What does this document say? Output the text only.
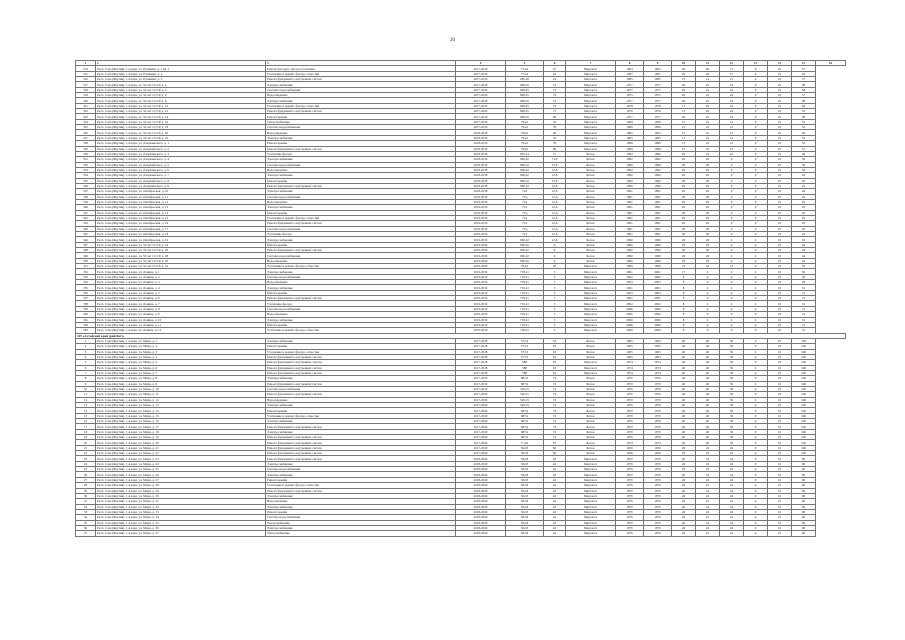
20
1	2	3	4	5	6	7	8	9	10	11	12	13	14	15	16
314	Респ. Саха (Якутия), г. Алдан, ул. Пушкина, д. 1 кв. 1	Ремонт фасадов, систем отопления	2017-2019	774,4	27	Мерзлота	1963	1963	20	40	17	9	10	57	
315	Респ. Саха (Якутия), г. Алдан, ул. Пушкина, д. 2	Утепление и ремонт фасада, отмостки	2017-2019	774,4	43	Мерзлота	1997	1997	20	20	17	0	10	45	
316	Респ. Саха (Якутия), г. Алдан, ул. Пушкина, д. 3	Ремонт фундамента, внутренних систем	2017-2019	685,02	24	Мерзлота	1985	1985	15	14	15	4	10	37	
317	Респ. Саха (Якутия), г. Алдан, ул. 50 лет СССР, д. 2	Электроснабжение	2017-2018	848,25	73	Мерзлота	1977	1977	20	22	24	0	10	58	
318	Респ. Саха (Якутия), г. Алдан, ул. 50 лет СССР, д. 4	Система водоснабжения	2017-2020	848,25	73	Мерзлота	1977	1977	20	22	24	0	10	58	
319	Респ. Саха (Якутия), г. Алдан, ул. 50 лет СССР, д. 6	Водоотведение	2017-2020	848,25	74	Мерзлота	1975	1975	20	22	24	0	10	57	
320	Респ. Саха (Якутия), г. Алдан, ул. 50 лет СССР, д. 8	Электроснабжение	2017-2018	848,25	73	Мерзлота	1977	1977	20	22	24	0	10	58	
321	Респ. Саха (Якутия), г. Алдан, ул. 50 лет СССР, д. 10	Утепление и ремонт фасада, отмостки	2017-2019	848,25	73	Мерзлота	1978	1978	17	20	24	0	10	60	
322	Респ. Саха (Якутия), г. Алдан, ул. 50 лет СССР, д. 12	Ремонт фундамента, внутренних систем	2017-2020	848,25	72	Мерзлота	1976	1976	13	20	24	0	10	53	
323	Респ. Саха (Якутия), г. Алдан, ул. 50 лет СССР, д. 14	Ремонт крыши	2017-2019	848,25	68	Мерзлота	1977	1977	20	22	24	0	10	58	
324	Респ. Саха (Якутия), г. Алдан, ул. 50 лет СССР, д. 16	Теплоснабжение	2017-2019	794,2	76	Мерзлота	1999	1999	15	16	12	0	10	52	
325	Респ. Саха (Якутия), г. Алдан, ул. 50 лет СССР, д. 18	Система водоснабжения	2017-2019	794,2	76	Мерзлота	1999	1999	15	16	12	0	10	52	
326	Респ. Саха (Якутия), г. Алдан, ул. 50 лет СССР, д. 20	Водоотведение	2018-2018	794,2	46	Мерзлота	1965	1965	15	16	12	0	10	49	
327	Респ. Саха (Якутия), г. Алдан, ул. 50 лет СССР, д. 22	Электроснабжение	2018-2019	794,2	76	Мерзлота	1965	1965	13	16	12	0	10	53	
328	Респ. Саха (Якутия), г. Алдан, ул. Дзержинского, д. 1	Ремонт крыши	2018-2019	794,2	76	Мерзлота	1999	1999	13	16	12	0	10	52	
329	Респ. Саха (Якутия), г. Алдан, ул. Дзержинского, д. 2	Ремонт фундамента, внутренних систем	2018-2019	794,2	66	Мерзлота	1999	1999	15	16	12	0	10	51	
330	Респ. Саха (Якутия), г. Алдан, ул. Дзержинского, д. 3	Утепление фасада	2018-2018	855,14	71	Бетон	1992	1992	20	22	24	0	10	48	
331	Респ. Саха (Якутия), г. Алдан, ул. Дзержинского, д. 4	Электроснабжение	2018-2019	990,22	73,8	Бетон	1992	1992	20	20	0	0	10	56	
332	Респ. Саха (Якутия), г. Алдан, ул. Дзержинского, д. 5	Система водоснабжения	2018-2019	990,22	13,8	Бетон	1990	1990	20	20	0	0	10	56	
333	Респ. Саха (Якутия), г. Алдан, ул. Дзержинского, д. 6	Водоотведение	2018-2018	990,22	13,8	Бетон	1992	1992	20	20	0	0	10	56	
334	Респ. Саха (Якутия), г. Алдан, ул. Дзержинского, д. 7	Электроснабжение	2018-2018	990,22	13,8	Бетон	1990	1990	20	20	0	0	10	45	
335	Респ. Саха (Якутия), г. Алдан, ул. Дзержинского, д. 8	Ремонт крыши	2018-2018	990,22	13,8	Бетон	1992	1992	20	20	0	0	10	45	
336	Респ. Саха (Якутия), г. Алдан, ул. Дзержинского, д. 9	Ремонт фундамента, внутренних систем	2018-2018	990,22	13,8	Бетон	1990	1990	20	20	0	0	10	45	
337	Респ. Саха (Якутия), г. Алдан, ул. Октябрьская, д. 10	Электроснабжение	2018-2018	714	12,6	Бетон	1991	1991	20	20	0	0	10	44	
338	Респ. Саха (Якутия), г. Алдан, ул. Октябрьская, д. 11	Система водоснабжения	2019-2019	714	12,6	Бетон	1991	1991	20	20	0	0	10	44	
339	Респ. Саха (Якутия), г. Алдан, ул. Октябрьская, д. 12	Водоотведение	2019-2019	714	12,6	Бетон	1991	1991	20	20	0	0	10	45	
340	Респ. Саха (Якутия), г. Алдан, ул. Октябрьская, д. 13	Электроснабжение	2019-2019	714	12,6	Бетон	1991	1991	20	20	0	0	10	45	
341	Респ. Саха (Якутия), г. Алдан, ул. Октябрьская, д. 14	Ремонт крыши	2019-2019	714	12,6	Бетон	1991	1991	20	20	0	0	10	45	
342	Респ. Саха (Якутия), г. Алдан, ул. Октябрьская, д. 15	Утепление и ремонт фасада, отмостки	2019-2019	714	12,6	Бетон	1991	1991	20	20	0	0	10	45	
343	Респ. Саха (Якутия), г. Алдан, ул. Октябрьская, д. 16	Ремонт фундамента, внутренних систем	2019-2019	714	12,6	Бетон	1991	1991	20	20	0	0	10	45	
344	Респ. Саха (Якутия), г. Алдан, ул. Октябрьская, д. 17	Система водоснабжения	2019-2019	714	12,6	Бетон	1991	1991	20	20	0	0	10	45	
345	Респ. Саха (Якутия), г. Алдан, ул. Октябрьская, д. 18	Утепление фасада	2019-2019	714	12,6	Бетон	1991	1991	20	20	0	0	10	45	
346	Респ. Саха (Якутия), г. Алдан, ул. Октябрьская, д. 19	Электроснабжение	2019-2019	990,22	12,6	Бетон	1990	1990	20	20	0	0	10	45	
347	Респ. Саха (Якутия), г. Алдан, ул. 50 лет СССР, д. 24	Ремонт крыши	2019-2020	990,22	6	Бетон	1990	1990	20	20	0	0	10	44	
348	Респ. Саха (Якутия), г. Алдан, ул. 50 лет СССР, д. 26	Ремонт фундамента, внутренних систем	2019-2020	990,22	6	Бетон	1990	1990	20	20	0	0	10	44	
349	Респ. Саха (Якутия), г. Алдан, ул. 50 лет СССР, д. 28	Система водоснабжения	2019-2020	990,22	6	Бетон	1990	1990	20	20	0	0	10	44	
350	Респ. Саха (Якутия), г. Алдан, ул. 50 лет СССР, д. 30	Водоотведение	2019-2020	990,22	6	Бетон	1990	1990	20	20	0	0	10	44	
351	Респ. Саха (Якутия), г. Алдан, ул. 50 лет СССР, д. 32	Утепление и ремонт фасада, отмостки	2019-2020	794,2	26	Мерзлота	1999	1999	15	16	12	0	10	52	
352	Респ. Саха (Якутия), г. Алдан, ул. Ленина, д. 1	Электроснабжение	2019-2019	718,21	5	Мерзлота	2001	2001	17	0	0	0	10	30	
353	Респ. Саха (Якутия), г. Алдан, ул. Ленина, д. 2	Система водоснабжения	2019-2019	718,21	5	Мерзлота	2002	2002	8	0	0	0	10	28	
354	Респ. Саха (Якутия), г. Алдан, ул. Ленина, д. 3	Водоотведение	2019-2019	718,21	5	Мерзлота	2003	2003	8	0	0	0	10	28	
355	Респ. Саха (Якутия), г. Алдан, ул. Ленина, д. 4	Электроснабжение	2019-2019	718,21	5	Мерзлота	2001	2001	8	0	0	0	10	31	
356	Респ. Саха (Якутия), г. Алдан, ул. Ленина, д. 5	Ремонт крыши	2019-2019	718,21	5	Мерзлота	2003	2003	8	0	0	0	10	31	
357	Респ. Саха (Якутия), г. Алдан, ул. Ленина, д. 6	Ремонт фундамента, внутренних систем	2019-2019	718,21	5	Мерзлота	2001	2001	8	0	0	0	10	31	
358	Респ. Саха (Якутия), г. Алдан, ул. Ленина, д. 7	Утепление фасада	2019-2019	718,21	5	Мерзлота	2002	2002	8	0	0	0	10	31	
359	Респ. Саха (Якутия), г. Алдан, ул. Ленина, д. 8	Система водоснабжения	2019-2019	718,21	5	Мерзлота	2006	2006	8	0	0	0	10	31	
360	Респ. Саха (Якутия), г. Алдан, ул. Ленина, д. 9	Водоотведение	2019-2019	718,21	5	Мерзлота	2006	2006	8	0	0	0	10	31	
361	Респ. Саха (Якутия), г. Алдан, ул. Ленина, д. 10	Электроснабжение	2019-2019	718,21	5	Мерзлота	2006	2006	8	0	0	0	10	31	
362	Респ. Саха (Якутия), г. Алдан, ул. Ленина, д. 11	Ремонт крыши	2019-2019	718,21	5	Мерзлота	2006	2006	8	0	0	0	10	31	
363	Респ. Саха (Якутия), г. Алдан, ул. Ленина, д. 12	Утепление и ремонт фасада, отмостки	2019-2019	718,21	5	Мерзлота	2006	2006	8	0	0	0	10	31	
419 «Алтайский край (райсбит)»															
1	Респ. Саха (Якутия), г. Алдан, ул. Мира, д. 1	Электроснабжение	2017-2018	573,3	63	Бетон	1965	1965	40	40	50	0	10	100	
2	Респ. Саха (Якутия), г. Алдан, ул. Мира, д. 2	Ремонт крыши	2017-2018	573,3	63	Бетон	1965	1965	40	40	50	0	10	100	
3	Респ. Саха (Якутия), г. Алдан, ул. Мира, д. 3	Утепление и ремонт фасада, отмостки	2017-2018	573,3	63	Бетон	1965	1965	40	40	50	0	10	100	
4	Респ. Саха (Якутия), г. Алдан, ул. Мира, д. 4	Ремонт фундамента, внутренних систем	2017-2018	573,3	63	Бетон	1965	1965	40	40	50	0	10	100	
5	Респ. Саха (Якутия), г. Алдан, ул. Мира, д. 5	Ремонт фундамента, внутренних систем	2017-2018	588	63	Мерзлота	1974	1974	40	40	50	0	10	100	
6	Респ. Саха (Якутия), г. Алдан, ул. Мира, д. 6	Ремонт фундамента, внутренних систем	2017-2018	588	63	Мерзлота	1974	1974	40	40	50	0	10	100	
7	Респ. Саха (Якутия), г. Алдан, ул. Мира, д. 7	Ремонт фундамента, внутренних систем	2017-2018	588	63	Мерзлота	1974	1974	40	40	50	0	10	100	
8	Респ. Саха (Якутия), г. Алдан, ул. Мира, д. 8	Электроснабжение	2017-2019	887,6	74	Бетон	1970	1970	40	40	50	0	10	100	
9	Респ. Саха (Якутия), г. Алдан, ул. Мира, д. 9	Ремонт фундамента, внутренних систем	2017-2019	887,6	74	Бетон	1970	1970	40	40	50	0	10	100	
10	Респ. Саха (Якутия), г. Алдан, ул. Мира, д. 10	Система водоснабжения	2017-2019	526,15	74	Бетон	1970	1970	40	40	50	0	10	100	
11	Респ. Саха (Якутия), г. Алдан, ул. Мира, д. 11	Ремонт фундамента, внутренних систем	2017-2020	526,15	74	Бетон	1970	1970	40	40	50	0	10	100	
12	Респ. Саха (Якутия), г. Алдан, ул. Мира, д. 12	Водоотведение	2017-2020	526,15	74	Бетон	1970	1970	40	40	50	0	10	100	
13	Респ. Саха (Якутия), г. Алдан, ул. Мира, д. 13	Электроснабжение	2017-2020	526,15	74	Бетон	1970	1970	40	40	50	0	10	100	
14	Респ. Саха (Якутия), г. Алдан, ул. Мира, д. 14	Ремонт крыши	2017-2020	687,6	74	Бетон	1970	1970	40	40	50	0	10	100	
15	Респ. Саха (Якутия), г. Алдан, ул. Мира, д. 15	Утепление и ремонт фасада, отмостки	2017-2020	687,6	74	Бетон	1970	1970	40	40	50	0	10	100	
16	Респ. Саха (Якутия), г. Алдан, ул. Мира, д. 16	Электроснабжение	2017-2020	687,6	74	Бетон	1970	1970	40	40	50	0	10	100	
17	Респ. Саха (Якутия), г. Алдан, ул. Мира, д. 17	Ремонт фундамента, внутренних систем	2017-2020	687,6	74	Бетон	1970	1970	40	40	50	0	10	100	
18	Респ. Саха (Якутия), г. Алдан, ул. Мира, д. 18	Электроснабжение	2017-2020	687,6	74	Бетон	1970	1970	40	40	50	0	10	100	
19	Респ. Саха (Якутия), г. Алдан, ул. Мира, д. 19	Ремонт фундамента, внутренних систем	2017-2020	687,6	74	Бетон	1970	1970	40	40	50	0	10	100	
20	Респ. Саха (Якутия), г. Алдан, ул. Мира, д. 20	Ремонт фундамента, внутренних систем	2017-2020	5 145	87	Бетон	1974	1974	40	40	50	0	10	100	
21	Респ. Саха (Якутия), г. Алдан, ул. Мира, д. 21	Ремонт фундамента, внутренних систем	2017-2020	362,8	60	Бетон	1956	1956	20	22	24	0	10	100	
22	Респ. Саха (Якутия), г. Алдан, ул. Мира, д. 22	Ремонт фундамента, внутренних систем	2017-2020	362,8	60	Бетон	1956	1956	20	22	24	0	10	100	
23	Респ. Саха (Якутия), г. Алдан, ул. Мира, д. 23	Ремонт фундамента, внутренних систем	2018-2020	502,8	42	Мерзлота	1976	1976	20	22	24	0	10	90	
24	Респ. Саха (Якутия), г. Алдан, ул. Мира, д. 24	Электроснабжение	2018-2020	502,8	42	Мерзлота	1976	1976	20	22	24	0	10	90	
25	Респ. Саха (Якутия), г. Алдан, ул. Мира, д. 25	Система водоснабжения	2018-2020	502,8	42	Мерзлота	1976	1976	20	22	24	0	10	90	
26	Респ. Саха (Якутия), г. Алдан, ул. Мира, д. 26	Электроснабжение	2018-2020	502,8	42	Мерзлота	1976	1976	20	22	24	0	10	90	
27	Респ. Саха (Якутия), г. Алдан, ул. Мира, д. 27	Ремонт крыши	2018-2020	502,8	42	Мерзлота	1976	1976	20	22	24	0	10	90	
28	Респ. Саха (Якутия), г. Алдан, ул. Мира, д. 28	Утепление и ремонт фасада, отмостки	2018-2020	502,8	42	Мерзлота	1976	1976	20	22	24	0	10	90	
29	Респ. Саха (Якутия), г. Алдан, ул. Мира, д. 29	Ремонт фундамента, внутренних систем	2018-2020	502,8	42	Мерзлота	1976	1976	20	22	24	0	10	90	
30	Респ. Саха (Якутия), г. Алдан, ул. Мира, д. 30	Электроснабжение	2018-2020	502,8	42	Мерзлота	1976	1976	20	22	24	0	10	90	
31	Респ. Саха (Якутия), г. Алдан, ул. Мира, д. 31	Водоотведение	2018-2020	502,8	42	Мерзлота	1976	1976	20	22	24	0	10	90	
32	Респ. Саха (Якутия), г. Алдан, ул. Мира, д. 32	Электроснабжение	2018-2020	502,8	42	Мерзлота	1976	1976	20	22	24	0	10	90	
33	Респ. Саха (Якутия), г. Алдан, ул. Мира, д. 33	Ремонт крыши	2018-2020	502,8	42	Мерзлота	1976	1976	20	22	24	0	10	90	
34	Респ. Саха (Якутия), г. Алдан, ул. Мира, д. 34	Система водоснабжения	2018-2020	502,8	42	Мерзлота	1976	1976	20	22	24	0	10	90	
35	Респ. Саха (Якутия), г. Алдан, ул. Мира, д. 35	Теплоснабжение	2018-2020	502,8	42	Мерзлота	1976	1976	20	22	24	0	10	90	
36	Респ. Саха (Якутия), г. Алдан, ул. Мира, д. 36	Электроснабжение	2018-2020	502,8	42	Мерзлота	1976	1976	20	22	24	0	10	90	
37	Респ. Саха (Якутия), г. Алдан, ул. Мира, д. 37	Теплоснабжение	2018-2020	502,8	42	Мерзлота	1976	1976	20	22	24	0	10	90	
